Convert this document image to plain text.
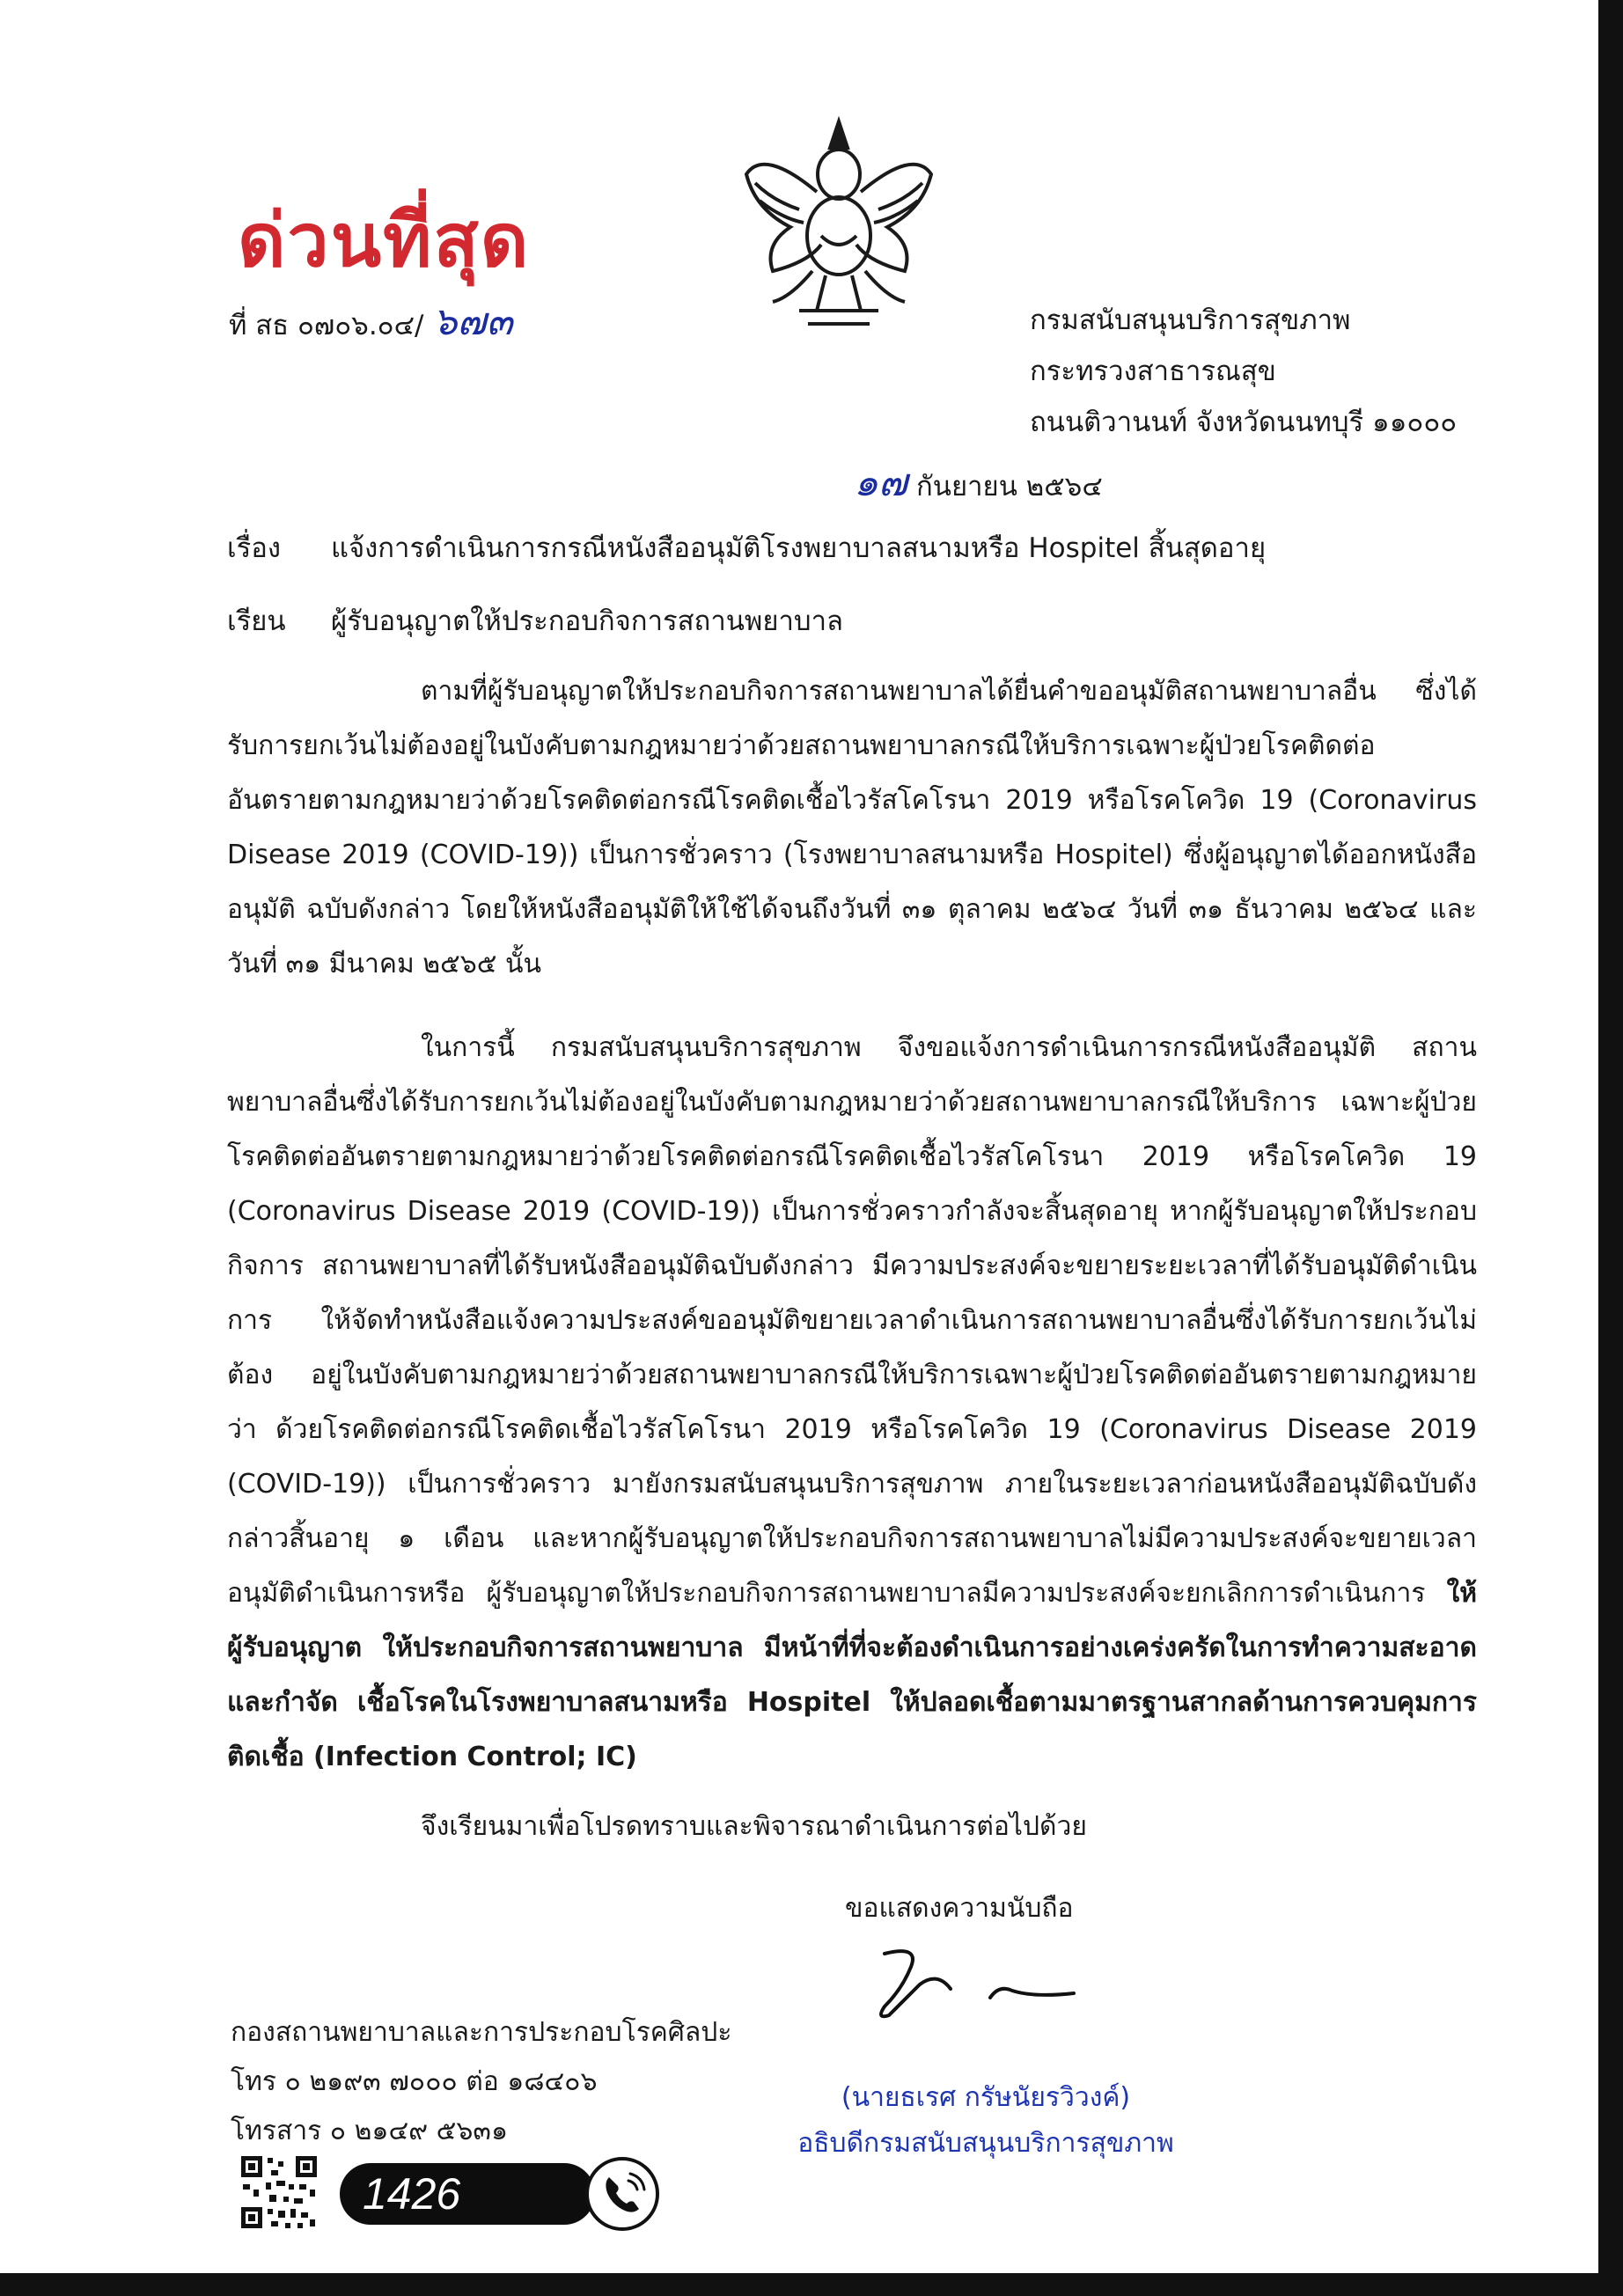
ด่วนที่สุด
ที่ สธ ๐๗๐๖.๐๔/ ๖๗๓	กรมสนับสนุนบริการสุขภาพ
กระทรวงสาธารณสุข
ถนนติวานนท์ จังหวัดนนทบุรี ๑๑๐๐๐
๑๗ กันยายน ๒๕๖๔
เรื่อง แจ้งการดำเนินการกรณีหนังสืออนุมัติโรงพยาบาลสนามหรือ Hospitel สิ้นสุดอายุ
เรียน ผู้รับอนุญาตให้ประกอบกิจการสถานพยาบาล
ตามที่ผู้รับอนุญาตให้ประกอบกิจการสถานพยาบาลได้ยื่นคำขออนุมัติสถานพยาบาลอื่น ซึ่งได้รับการยกเว้นไม่ต้องอยู่ในบังคับตามกฎหมายว่าด้วยสถานพยาบาลกรณีให้บริการเฉพาะผู้ป่วยโรคติดต่อ อันตรายตามกฎหมายว่าด้วยโรคติดต่อกรณีโรคติดเชื้อไวรัสโคโรนา 2019 หรือโรคโควิด 19 (Coronavirus Disease 2019 (COVID-19)) เป็นการชั่วคราว (โรงพยาบาลสนามหรือ Hospitel) ซึ่งผู้อนุญาตได้ออกหนังสืออนุมัติ ฉบับดังกล่าว โดยให้หนังสืออนุมัติให้ใช้ได้จนถึงวันที่ ๓๑ ตุลาคม ๒๕๖๔ วันที่ ๓๑ ธันวาคม ๒๕๖๔ และวันที่ ๓๑ มีนาคม ๒๕๖๕ นั้น
ในการนี้ กรมสนับสนุนบริการสุขภาพ จึงขอแจ้งการดำเนินการกรณีหนังสืออนุมัติ สถานพยาบาลอื่นซึ่งได้รับการยกเว้นไม่ต้องอยู่ในบังคับตามกฎหมายว่าด้วยสถานพยาบาลกรณีให้บริการ เฉพาะผู้ป่วยโรคติดต่ออันตรายตามกฎหมายว่าด้วยโรคติดต่อกรณีโรคติดเชื้อไวรัสโคโรนา 2019 หรือโรคโควิด 19 (Coronavirus Disease 2019 (COVID-19)) เป็นการชั่วคราวกำลังจะสิ้นสุดอายุ หากผู้รับอนุญาตให้ประกอบกิจการ สถานพยาบาลที่ได้รับหนังสืออนุมัติฉบับดังกล่าว มีความประสงค์จะขยายระยะเวลาที่ได้รับอนุมัติดำเนินการ ให้จัดทำหนังสือแจ้งความประสงค์ขออนุมัติขยายเวลาดำเนินการสถานพยาบาลอื่นซึ่งได้รับการยกเว้นไม่ต้อง อยู่ในบังคับตามกฎหมายว่าด้วยสถานพยาบาลกรณีให้บริการเฉพาะผู้ป่วยโรคติดต่ออันตรายตามกฎหมายว่า ด้วยโรคติดต่อกรณีโรคติดเชื้อไวรัสโคโรนา 2019 หรือโรคโควิด 19 (Coronavirus Disease 2019 (COVID-19)) เป็นการชั่วคราว มายังกรมสนับสนุนบริการสุขภาพ ภายในระยะเวลาก่อนหนังสืออนุมัติฉบับดังกล่าวสิ้นอายุ ๑ เดือน และหากผู้รับอนุญาตให้ประกอบกิจการสถานพยาบาลไม่มีความประสงค์จะขยายเวลาอนุมัติดำเนินการหรือ ผู้รับอนุญาตให้ประกอบกิจการสถานพยาบาลมีความประสงค์จะยกเลิกการดำเนินการ ให้ผู้รับอนุญาต ให้ประกอบกิจการสถานพยาบาล มีหน้าที่ที่จะต้องดำเนินการอย่างเคร่งครัดในการทำความสะอาดและกำจัด เชื้อโรคในโรงพยาบาลสนามหรือ Hospitel ให้ปลอดเชื้อตามมาตรฐานสากลด้านการควบคุมการติดเชื้อ (Infection Control; IC)
จึงเรียนมาเพื่อโปรดทราบและพิจารณาดำเนินการต่อไปด้วย
ขอแสดงความนับถือ
(นายธเรศ กรัษนัยรวิวงค์)
อธิบดีกรมสนับสนุนบริการสุขภาพ
กองสถานพยาบาลและการประกอบโรคศิลปะ
โทร ๐ ๒๑๙๓ ๗๐๐๐ ต่อ ๑๘๔๐๖
โทรสาร ๐ ๒๑๔๙ ๕๖๓๑
1426
